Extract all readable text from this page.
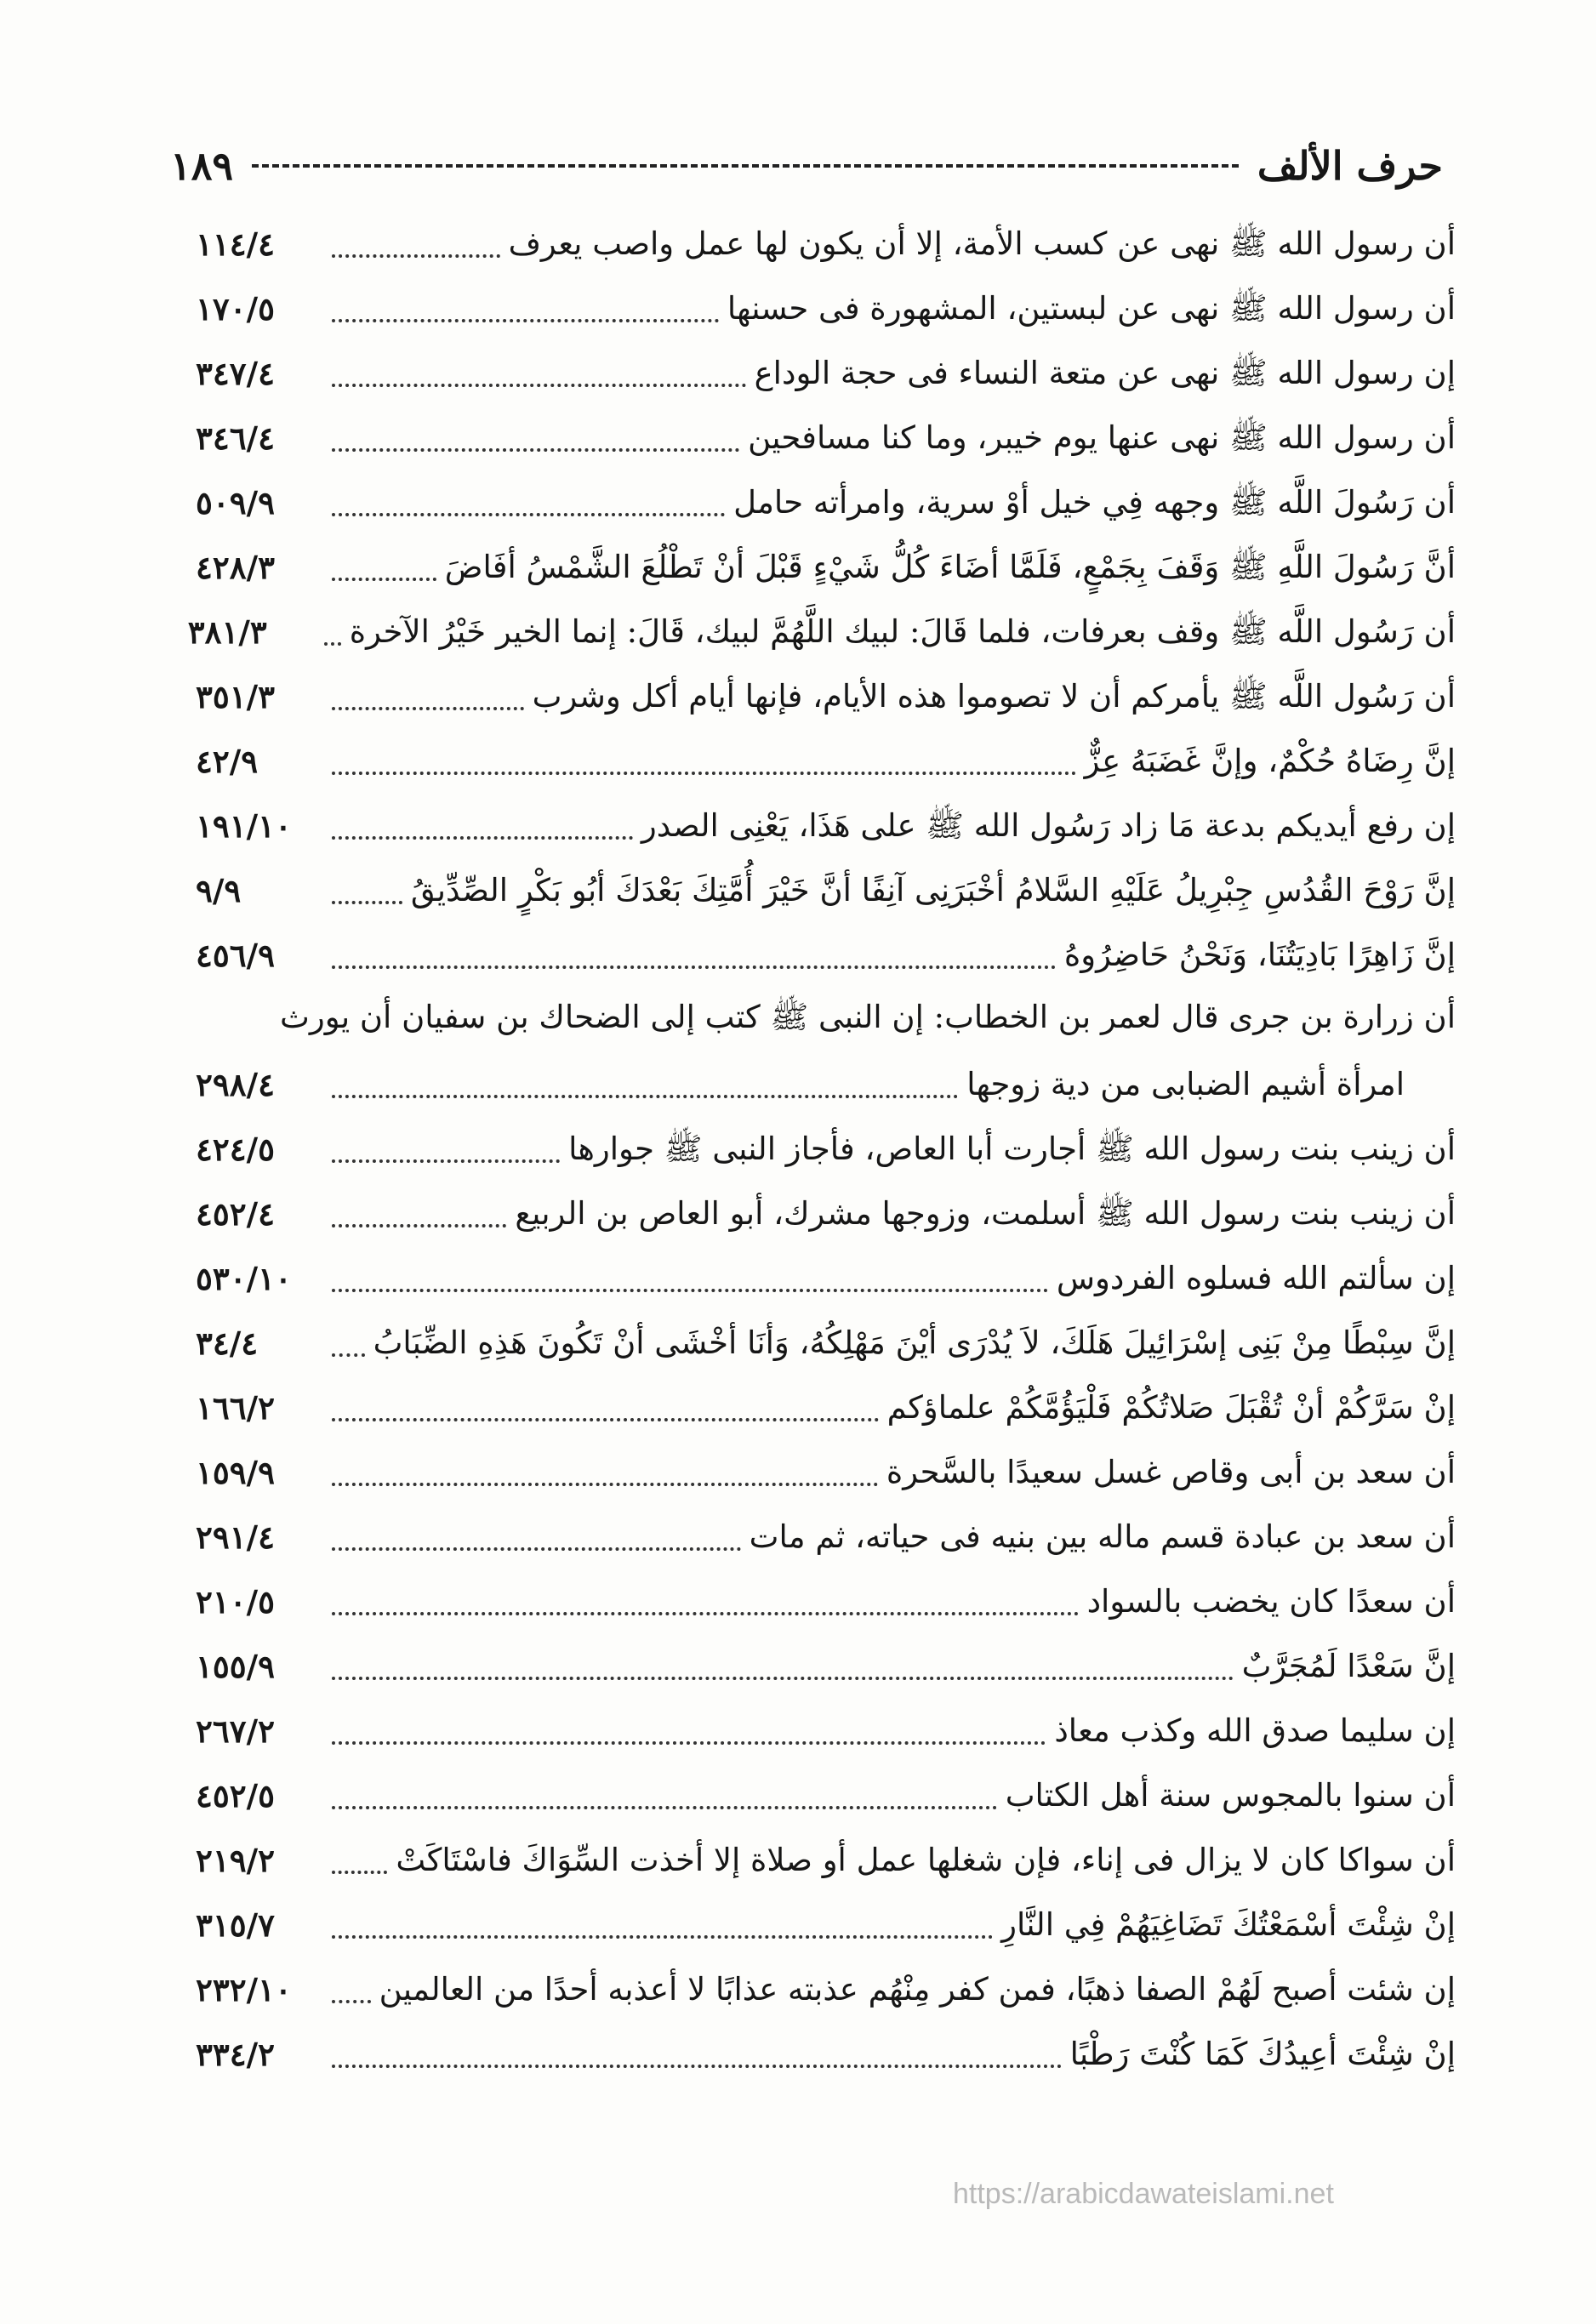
حرف الألف
١٨٩
أن رسول الله ﷺ نهى عن كسب الأمة، إلا أن يكون لها عمل واصب يعرف
١١٤/٤
أن رسول الله ﷺ نهى عن لبستين، المشهورة فى حسنها
١٧٠/٥
إن رسول الله ﷺ نهى عن متعة النساء فى حجة الوداع
٣٤٧/٤
أن رسول الله ﷺ نهى عنها يوم خيبر، وما كنا مسافحين
٣٤٦/٤
أن رَسُولَ اللَّه ﷺ وجهه فِي خيل أوْ سرية، وامرأته حامل
٥٠٩/٩
أنَّ رَسُولَ اللَّهِ ﷺ وَقَفَ بِجَمْعٍ، فَلَمَّا أضَاءَ كُلُّ شَيْءٍ قَبْلَ أنْ تَطْلُعَ الشَّمْسُ أفَاضَ
٤٢٨/٣
أن رَسُول اللَّه ﷺ وقف بعرفات، فلما قَالَ: لبيك اللَّهُمَّ لبيك، قَالَ: إنما الخير خَيْرُ الآخرة
٣٨١/٣
أن رَسُول اللَّه ﷺ يأمركم أن لا تصوموا هذه الأيام، فإنها أيام أكل وشرب
٣٥١/٣
إنَّ رِضَاهُ حُكْمٌ، وإنَّ غَضَبَهُ عِزٌّ
٤٢/٩
إن رفع أيديكم بدعة مَا زاد رَسُول الله ﷺ على هَذَا، يَعْنِى الصدر
١٩١/١٠
إنَّ رَوْحَ القُدُسِ جِبْرِيلُ عَلَيْهِ السَّلامُ أخْبَرَنِى آنِفًا أنَّ خَيْرَ أُمَّتِكَ بَعْدَكَ أبُو بَكْرٍ الصِّدِّيقُ
٩/٩
إنَّ زَاهِرًا بَادِيَتُنَا، وَنَحْنُ حَاضِرُوهُ
٤٥٦/٩
أن زرارة بن جرى قال لعمر بن الخطاب: إن النبى ﷺ كتب إلى الضحاك بن سفيان أن يورث
امرأة أشيم الضبابى من دية زوجها
٢٩٨/٤
أن زينب بنت رسول الله ﷺ أجارت أبا العاص، فأجاز النبى ﷺ جوارها
٤٢٤/٥
أن زينب بنت رسول الله ﷺ أسلمت، وزوجها مشرك، أبو العاص بن الربيع
٤٥٢/٤
إن سألتم الله فسلوه الفردوس
٥٣٠/١٠
إنَّ سِبْطًا مِنْ بَنِى إسْرَائِيلَ هَلَكَ، لاَ يُدْرَى أيْنَ مَهْلِكُهُ، وَأنَا أخْشَى أنْ تَكُونَ هَذِهِ الضِّبَابُ
٣٤/٤
إنْ سَرَّكُمْ أنْ تُقْبَلَ صَلاتُكُمْ فَلْيَؤُمَّكُمْ علماؤكم
١٦٦/٢
أن سعد بن أبى وقاص غسل سعيدًا بالسَّحرة
١٥٩/٩
أن سعد بن عبادة قسم ماله بين بنيه فى حياته، ثم مات
٢٩١/٤
أن سعدًا كان يخضب بالسواد
٢١٠/٥
إنَّ سَعْدًا لَمُجَرَّبٌ
١٥٥/٩
إن سليما صدق الله وكذب معاذ
٢٦٧/٢
أن سنوا بالمجوس سنة أهل الكتاب
٤٥٢/٥
أن سواكا كان لا يزال فى إناء، فإن شغلها عمل أو صلاة إلا أخذت السِّوَاكَ فاسْتَاكَتْ
٢١٩/٢
إنْ شِئْتَ أسْمَعْتُكَ تَضَاغِيَهُمْ فِي النَّارِ
٣١٥/٧
إن شئت أصبح لَهُمْ الصفا ذهبًا، فمن كفر مِنْهُم عذبته عذابًا لا أعذبه أحدًا من العالمين
٢٣٢/١٠
إنْ شِئْتَ أعِيدُكَ كَمَا كُنْتَ رَطْبًا
٣٣٤/٢
https://arabicdawateislami.net
